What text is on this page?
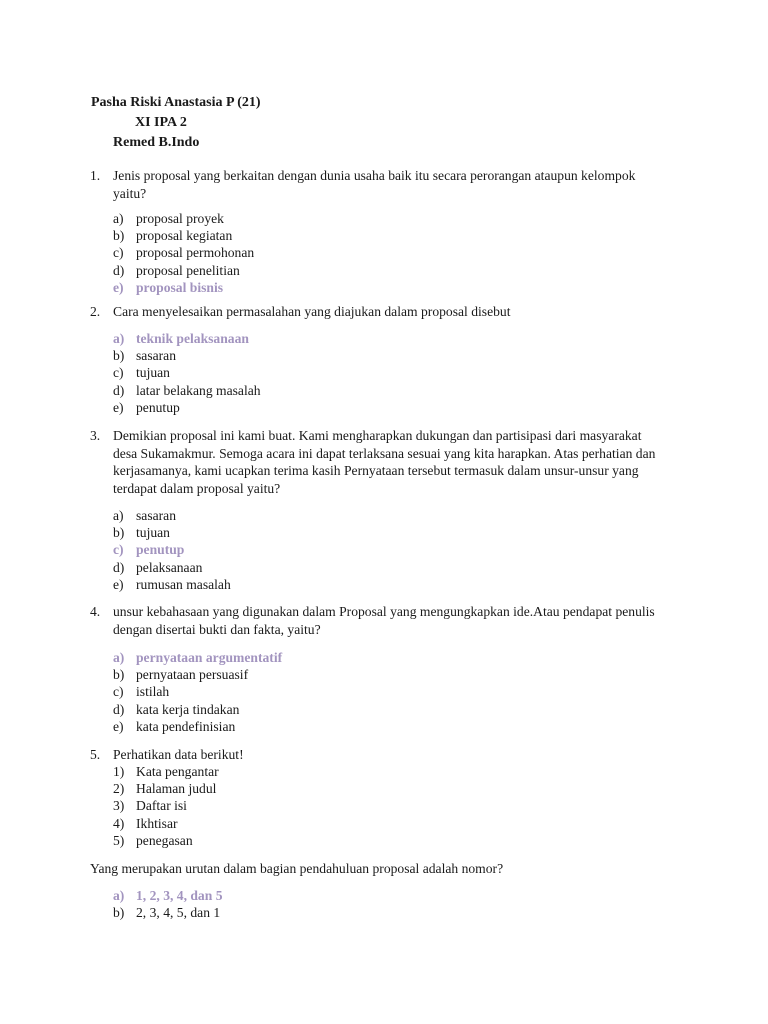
Pasha Riski Anastasia P (21)
XI IPA 2
Remed B.Indo
1. Jenis proposal yang berkaitan dengan dunia usaha baik itu secara perorangan ataupun kelompok
yaitu?
a) proposal proyek
b) proposal kegiatan
c) proposal permohonan
d) proposal penelitian
e) proposal bisnis
2. Cara menyelesaikan permasalahan yang diajukan dalam proposal disebut
a) teknik pelaksanaan
b) sasaran
c) tujuan
d) latar belakang masalah
e) penutup
3. Demikian proposal ini kami buat. Kami mengharapkan dukungan dan partisipasi dari masyarakat
desa Sukamakmur. Semoga acara ini dapat terlaksana sesuai yang kita harapkan. Atas perhatian dan
kerjasamanya, kami ucapkan terima kasih Pernyataan tersebut termasuk dalam unsur-unsur yang
terdapat dalam proposal yaitu?
a) sasaran
b) tujuan
c) penutup
d) pelaksanaan
e) rumusan masalah
4. unsur kebahasaan yang digunakan dalam Proposal yang mengungkapkan ide.Atau pendapat penulis
dengan disertai bukti dan fakta, yaitu?
a) pernyataan argumentatif
b) pernyataan persuasif
c) istilah
d) kata kerja tindakan
e) kata pendefinisian
5. Perhatikan data berikut!
1) Kata pengantar
2) Halaman judul
3) Daftar isi
4) Ikhtisar
5) penegasan
Yang merupakan urutan dalam bagian pendahuluan proposal adalah nomor?
a) 1, 2, 3, 4, dan 5
b) 2, 3, 4, 5, dan 1
